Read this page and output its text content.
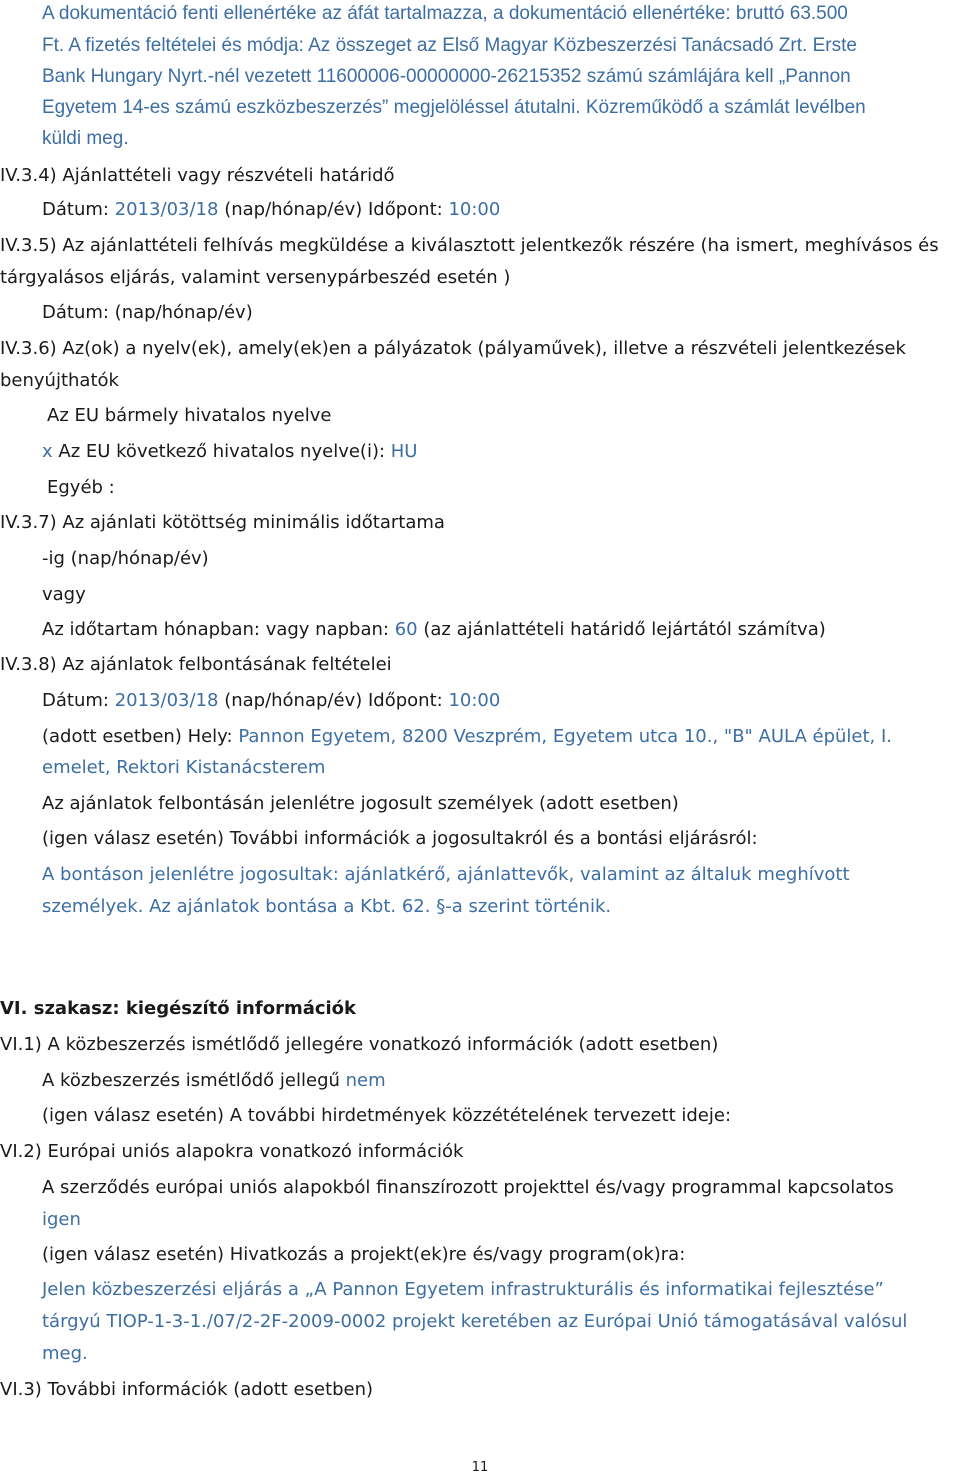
A dokumentáció fenti ellenértéke az áfát tartalmazza, a dokumentáció ellenértéke: bruttó 63.500
Ft. A fizetés feltételei és módja: Az összeget az Első Magyar Közbeszerzési Tanácsadó Zrt. Erste
Bank Hungary Nyrt.-nél vezetett 11600006-00000000-26215352 számú számlájára kell „Pannon
Egyetem 14-es számú eszközbeszerzés” megjelöléssel átutalni. Közreműködő a számlát levélben
küldi meg.
IV.3.4) Ajánlattételi vagy részvételi határidő
Dátum: 2013/03/18 (nap/hónap/év) Időpont: 10:00
IV.3.5) Az ajánlattételi felhívás megküldése a kiválasztott jelentkezők részére (ha ismert, meghívásos és
tárgyalásos eljárás, valamint versenypárbeszéd esetén )
Dátum: (nap/hónap/év)
IV.3.6) Az(ok) a nyelv(ek), amely(ek)en a pályázatok (pályaművek), illetve a részvételi jelentkezések
benyújthatók
Az EU bármely hivatalos nyelve
x Az EU következő hivatalos nyelve(i): HU
Egyéb :
IV.3.7) Az ajánlati kötöttség minimális időtartama
-ig (nap/hónap/év)
vagy
Az időtartam hónapban: vagy napban: 60 (az ajánlattételi határidő lejártától számítva)
IV.3.8) Az ajánlatok felbontásának feltételei
Dátum: 2013/03/18 (nap/hónap/év) Időpont: 10:00
(adott esetben) Hely: Pannon Egyetem, 8200 Veszprém, Egyetem utca 10., "B" AULA épület, I.
emelet, Rektori Kistanácsterem
Az ajánlatok felbontásán jelenlétre jogosult személyek (adott esetben)
(igen válasz esetén) További információk a jogosultakról és a bontási eljárásról:
A bontáson jelenlétre jogosultak: ajánlatkérő, ajánlattevők, valamint az általuk meghívott
személyek. Az ajánlatok bontása a Kbt. 62. §-a szerint történik.
VI. szakasz: kiegészítő információk
VI.1) A közbeszerzés ismétlődő jellegére vonatkozó információk (adott esetben)
A közbeszerzés ismétlődő jellegű nem
(igen válasz esetén) A további hirdetmények közzétételének tervezett ideje:
VI.2) Európai uniós alapokra vonatkozó információk
A szerződés európai uniós alapokból finanszírozott projekttel és/vagy programmal kapcsolatos
igen
(igen válasz esetén) Hivatkozás a projekt(ek)re és/vagy program(ok)ra:
Jelen közbeszerzési eljárás a „A Pannon Egyetem infrastrukturális és informatikai fejlesztése”
tárgyú TIOP-1-3-1./07/2-2F-2009-0002 projekt keretében az Európai Unió támogatásával valósul
meg.
VI.3) További információk (adott esetben)
11
